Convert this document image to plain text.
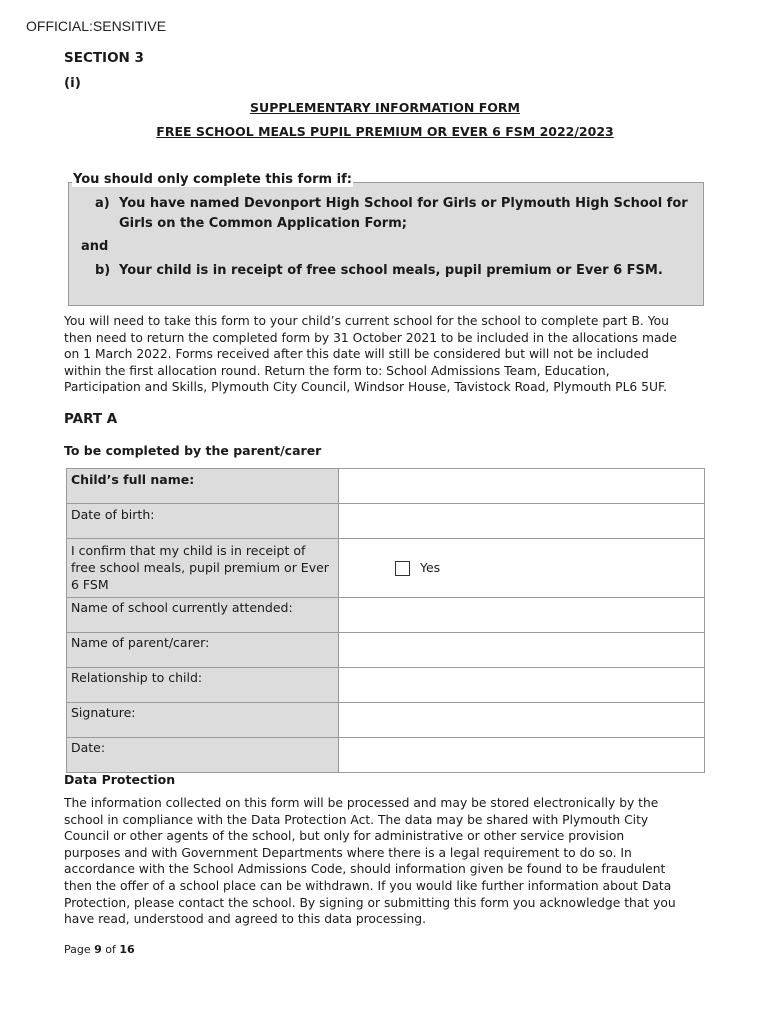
OFFICIAL:SENSITIVE
SECTION 3
(i)
SUPPLEMENTARY INFORMATION FORM
FREE SCHOOL MEALS PUPIL PREMIUM OR EVER 6 FSM 2022/2023
You should only complete this form if:
a) You have named Devonport High School for Girls or Plymouth High School for
Girls on the Common Application Form;
and
b) Your child is in receipt of free school meals, pupil premium or Ever 6 FSM.

You will need to take this form to your child’s current school for the school to complete part B. You

then need to return the completed form by 31 October 2021 to be included in the allocations made

on 1 March 2022. Forms received after this date will still be considered but will not be included

within the first allocation round. Return the form to: School Admissions Team, Education,

Participation and Skills, Plymouth City Council, Windsor House, Tavistock Road, Plymouth PL6 5UF.

PART A
To be completed by the parent/carer
Child’s full name:	
Date of birth:	

I confirm that my child is in receipt of
free school meals, pupil premium or Ever
6 FSM	Yes
Name of school currently attended:	
Name of parent/carer:	
Relationship to child:	
Signature:	
Date:	
Data Protection

The information collected on this form will be processed and may be stored electronically by the

school in compliance with the Data Protection Act. The data may be shared with Plymouth City

Council or other agents of the school, but only for administrative or other service provision

purposes and with Government Departments where there is a legal requirement to do so. In

accordance with the School Admissions Code, should information given be found to be fraudulent

then the offer of a school place can be withdrawn. If you would like further information about Data

Protection, please contact the school. By signing or submitting this form you acknowledge that you

have read, understood and agreed to this data processing.

Page 9 of 16
